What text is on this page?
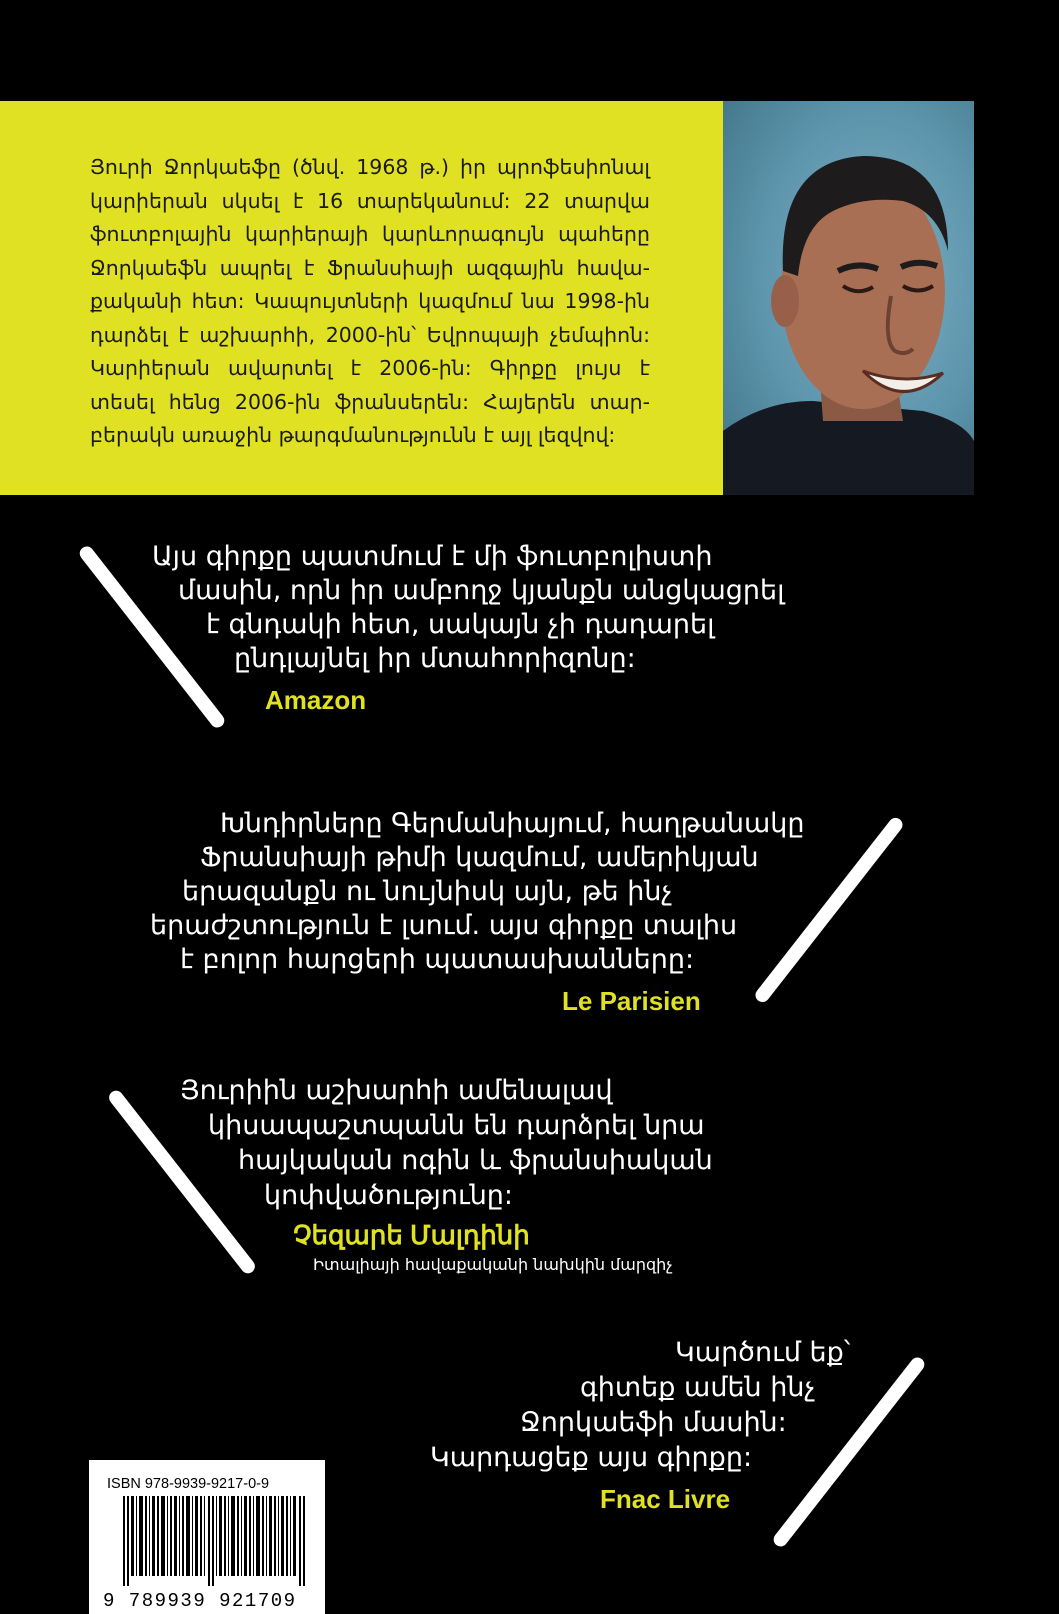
Յուրի Ջորկաեֆը (ծնվ. 1968 թ.) իր պրոֆեսիոնալ
կարիերան սկսել է 16 տարեկանում: 22 տարվա
ֆուտբոլային կարիերայի կարևորագույն պահերը
Ջորկաեֆն ապրել է Ֆրանսիայի ազգային հավա-
քականի հետ: Կապույտների կազմում նա 1998-ին
դարձել է աշխարհի, 2000-ին՝ Եվրոպայի չեմպիոն:
Կարիերան ավարտել է 2006-ին: Գիրքը լույս է
տեսել հենց 2006-ին ֆրանսերեն: Հայերեն տար-
բերակն առաջին թարգմանությունն է այլ լեզվով:

Այս գիրքը պատմում է մի ֆուտբոլիստի
մասին, որն իր ամբողջ կյանքն անցկացրել
է գնդակի հետ, սակայն չի դադարել
ընդլայնել իր մտահորիզոնը:
Amazon
Խնդիրները Գերմանիայում, հաղթանակը
Ֆրանսիայի թիմի կազմում, ամերիկյան
երազանքն ու նույնիսկ այն, թե ինչ
երաժշտություն է լսում. այս գիրքը տալիս
է բոլոր հարցերի պատասխանները:
Le Parisien
Յուրիին աշխարհի ամենալավ
կիսապաշտպանն են դարձրել նրա
հայկական ոգին և ֆրանսիական
կոփվածությունը:
Չեզարե Մալդինի
Իտալիայի հավաքականի նախկին մարզիչ
Կարծում եք՝
գիտեք ամեն ինչ
Ջորկաեֆի մասին:
Կարդացեք այս գիրքը:
Fnac Livre
ISBN 978-9939-9217-0-9
9 789939 921709
